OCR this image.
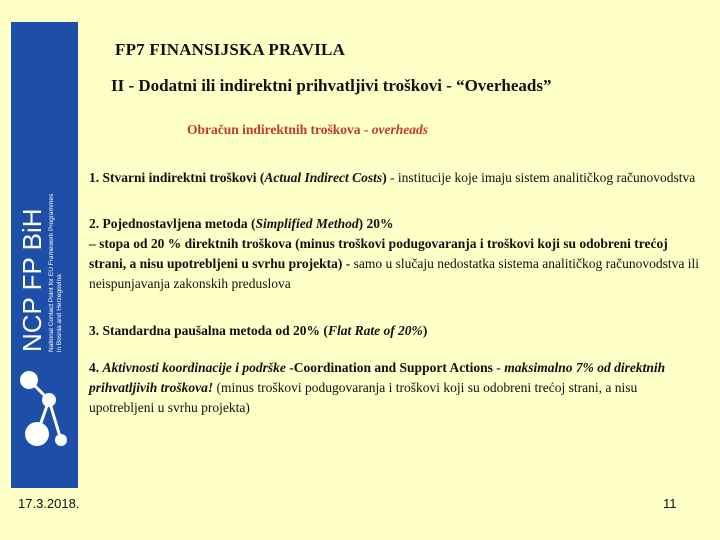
NCP FP BiH National Contact Point for EU Framework Programmes in Bosnia and Herzegovina
FP7 FINANSIJSKA PRAVILA
II - Dodatni ili indirektni prihvatljivi troškovi - “Overheads”
Obračun indirektnih troškova - overheads
1. Stvarni indirektni troškovi (Actual Indirect Costs) - institucije koje imaju sistem analitičkog računovodstva
2. Pojednostavljena metoda (Simplified Method) 20%
– stopa od 20 % direktnih troškova (minus troškovi podugovaranja i troškovi koji su odobreni trećoj strani, a nisu upotrebljeni u svrhu projekta) - samo u slučaju nedostatka sistema analitičkog računovodstva ili neispunjavanja zakonskih preduslova
3. Standardna paušalna metoda od 20% (Flat Rate of 20%)
4. Aktivnosti koordinacije i podrške -Coordination and Support Actions - maksimalno 7% od direktnih prihvatljivih troškova! (minus troškovi podugovaranja i troškovi koji su odobreni trećoj strani, a nisu upotrebljeni u svrhu projekta)
17.3.2018.	11
